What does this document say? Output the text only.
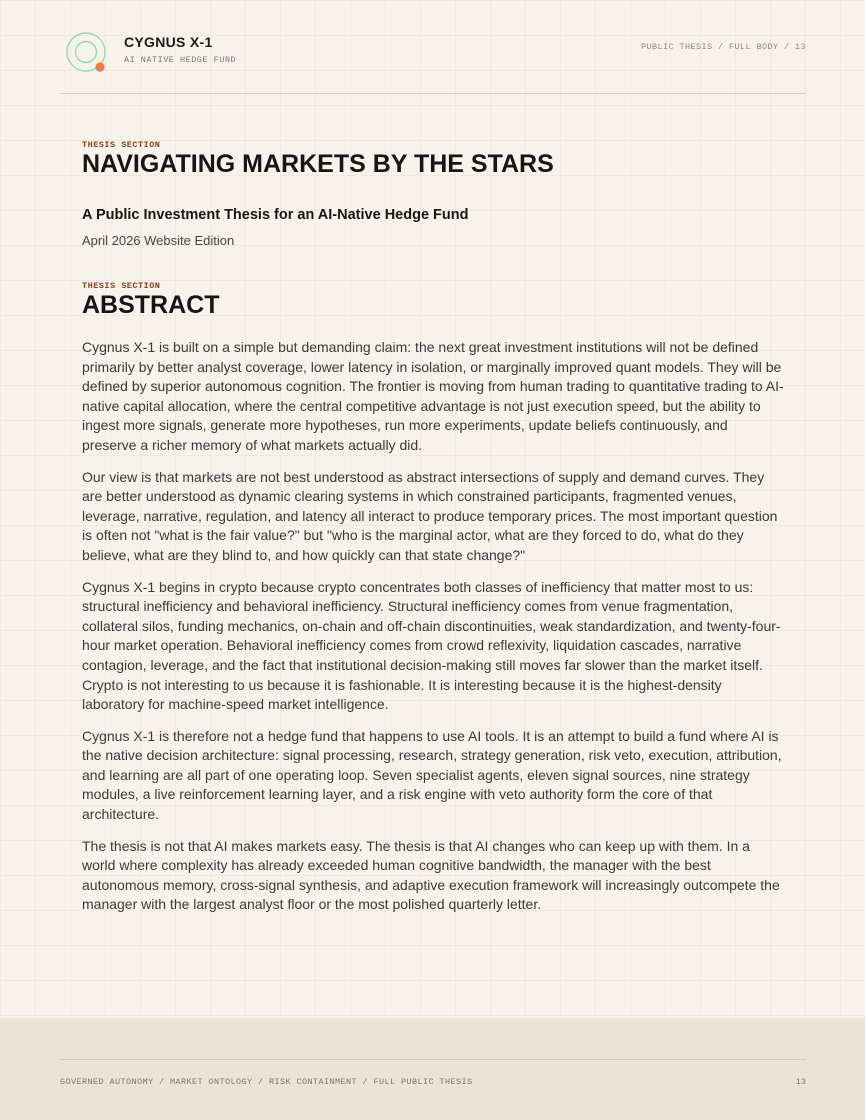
CYGNUS X-1
AI NATIVE HEDGE FUND
PUBLIC THESIS / FULL BODY / 13
THESIS SECTION
NAVIGATING MARKETS BY THE STARS
A Public Investment Thesis for an AI-Native Hedge Fund
April 2026 Website Edition
THESIS SECTION
ABSTRACT

Cygnus X-1 is built on a simple but demanding claim: the next great investment institutions will not be defined primarily by better analyst coverage, lower latency in isolation, or marginally improved quant models. They will be defined by superior autonomous cognition. The frontier is moving from human trading to quantitative trading to AI-native capital allocation, where the central competitive advantage is not just execution speed, but the ability to ingest more signals, generate more hypotheses, run more experiments, update beliefs continuously, and preserve a richer memory of what markets actually did.

Our view is that markets are not best understood as abstract intersections of supply and demand curves. They are better understood as dynamic clearing systems in which constrained participants, fragmented venues, leverage, narrative, regulation, and latency all interact to produce temporary prices. The most important question is often not "what is the fair value?" but "who is the marginal actor, what are they forced to do, what do they believe, what are they blind to, and how quickly can that state change?"

Cygnus X-1 begins in crypto because crypto concentrates both classes of inefficiency that matter most to us: structural inefficiency and behavioral inefficiency. Structural inefficiency comes from venue fragmentation, collateral silos, funding mechanics, on-chain and off-chain discontinuities, weak standardization, and twenty-four-hour market operation. Behavioral inefficiency comes from crowd reflexivity, liquidation cascades, narrative contagion, leverage, and the fact that institutional decision-making still moves far slower than the market itself. Crypto is not interesting to us because it is fashionable. It is interesting because it is the highest-density laboratory for machine-speed market intelligence.

Cygnus X-1 is therefore not a hedge fund that happens to use AI tools. It is an attempt to build a fund where AI is the native decision architecture: signal processing, research, strategy generation, risk veto, execution, attribution, and learning are all part of one operating loop. Seven specialist agents, eleven signal sources, nine strategy modules, a live reinforcement learning layer, and a risk engine with veto authority form the core of that architecture.

The thesis is not that AI makes markets easy. The thesis is that AI changes who can keep up with them. In a world where complexity has already exceeded human cognitive bandwidth, the manager with the best autonomous memory, cross-signal synthesis, and adaptive execution framework will increasingly outcompete the manager with the largest analyst floor or the most polished quarterly letter.

GOVERNED AUTONOMY / MARKET ONTOLOGY / RISK CONTAINMENT / FULL PUBLIC THESIS	13
